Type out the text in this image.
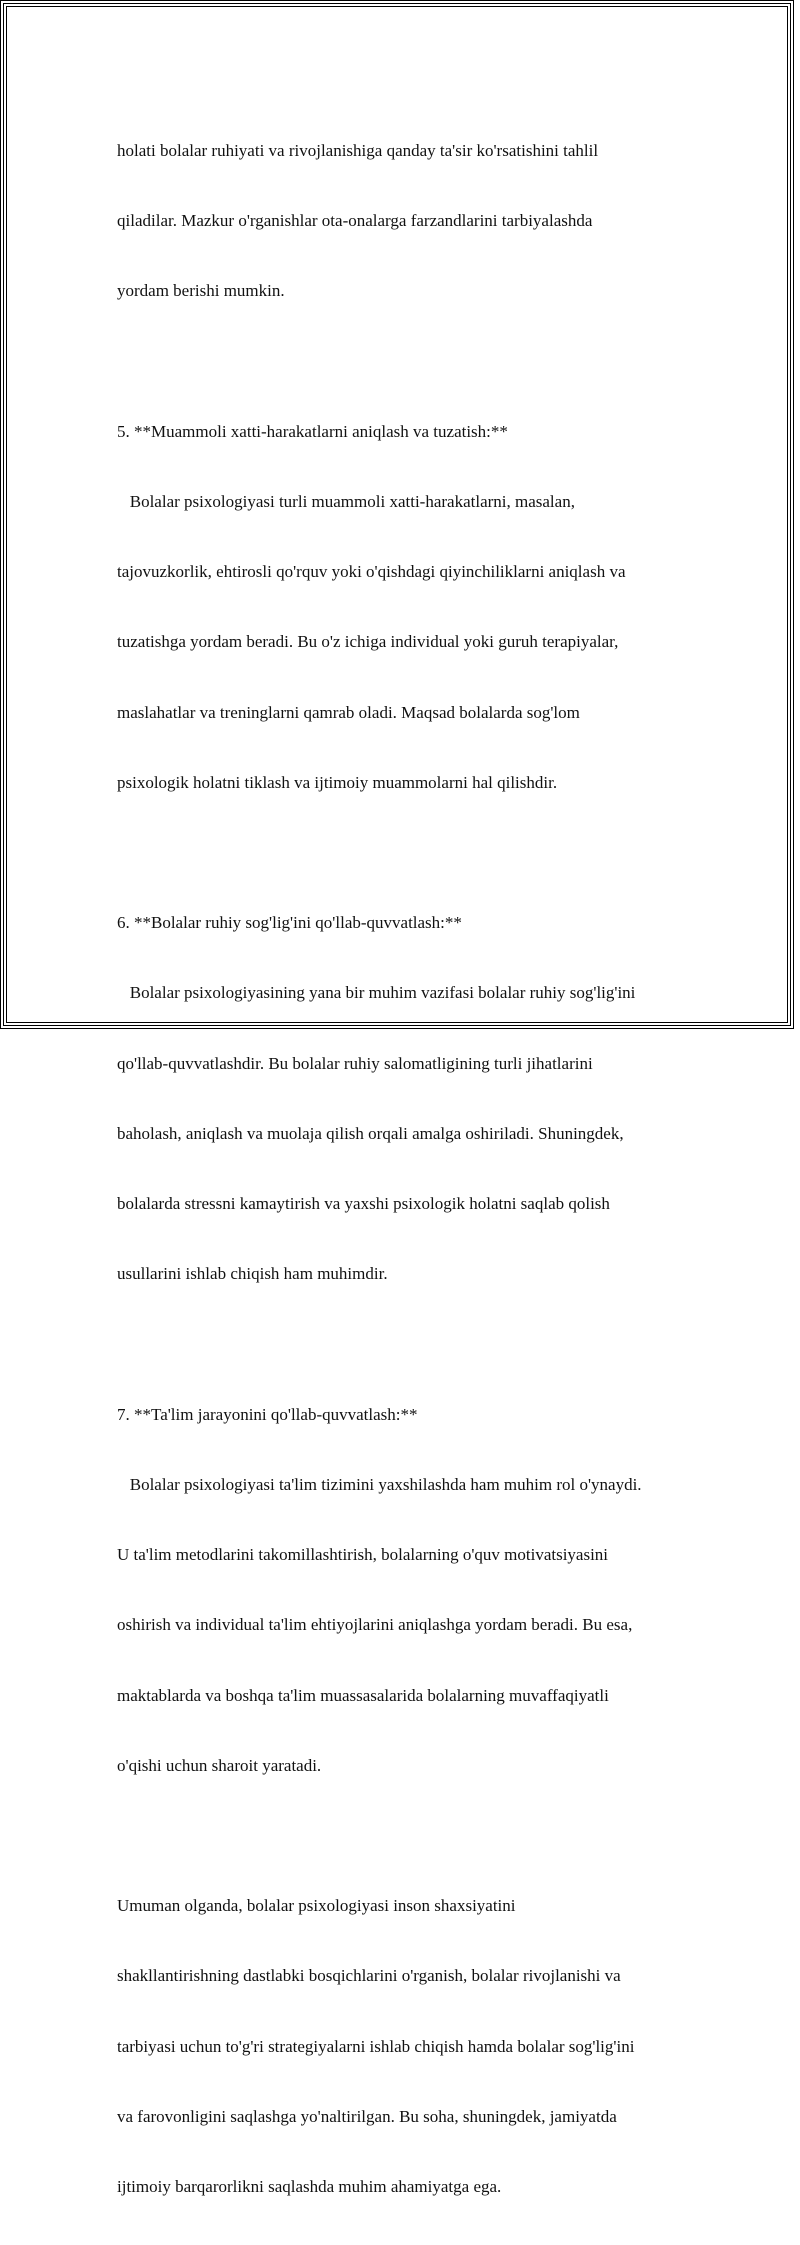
holati bolalar ruhiyati va rivojlanishiga qanday ta'sir ko'rsatishini tahlil

qiladilar. Mazkur o'rganishlar ota-onalarga farzandlarini tarbiyalashda

yordam berishi mumkin.

5. **Muammoli xatti-harakatlarni aniqlash va tuzatish:**

Bolalar psixologiyasi turli muammoli xatti-harakatlarni, masalan,

tajovuzkorlik, ehtirosli qo'rquv yoki o'qishdagi qiyinchiliklarni aniqlash va

tuzatishga yordam beradi. Bu o'z ichiga individual yoki guruh terapiyalar,

maslahatlar va treninglarni qamrab oladi. Maqsad bolalarda sog'lom

psixologik holatni tiklash va ijtimoiy muammolarni hal qilishdir.

6. **Bolalar ruhiy sog'lig'ini qo'llab-quvvatlash:**

Bolalar psixologiyasining yana bir muhim vazifasi bolalar ruhiy sog'lig'ini

qo'llab-quvvatlashdir. Bu bolalar ruhiy salomatligining turli jihatlarini

baholash, aniqlash va muolaja qilish orqali amalga oshiriladi. Shuningdek,

bolalarda stressni kamaytirish va yaxshi psixologik holatni saqlab qolish

usullarini ishlab chiqish ham muhimdir.

7. **Ta'lim jarayonini qo'llab-quvvatlash:**

Bolalar psixologiyasi ta'lim tizimini yaxshilashda ham muhim rol o'ynaydi.

U ta'lim metodlarini takomillashtirish, bolalarning o'quv motivatsiyasini

oshirish va individual ta'lim ehtiyojlarini aniqlashga yordam beradi. Bu esa,

maktablarda va boshqa ta'lim muassasalarida bolalarning muvaffaqiyatli

o'qishi uchun sharoit yaratadi.

Umuman olganda, bolalar psixologiyasi inson shaxsiyatini

shakllantirishning dastlabki bosqichlarini o'rganish, bolalar rivojlanishi va

tarbiyasi uchun to'g'ri strategiyalarni ishlab chiqish hamda bolalar sog'lig'ini

va farovonligini saqlashga yo'naltirilgan. Bu soha, shuningdek, jamiyatda

ijtimoiy barqarorlikni saqlashda muhim ahamiyatga ega.
